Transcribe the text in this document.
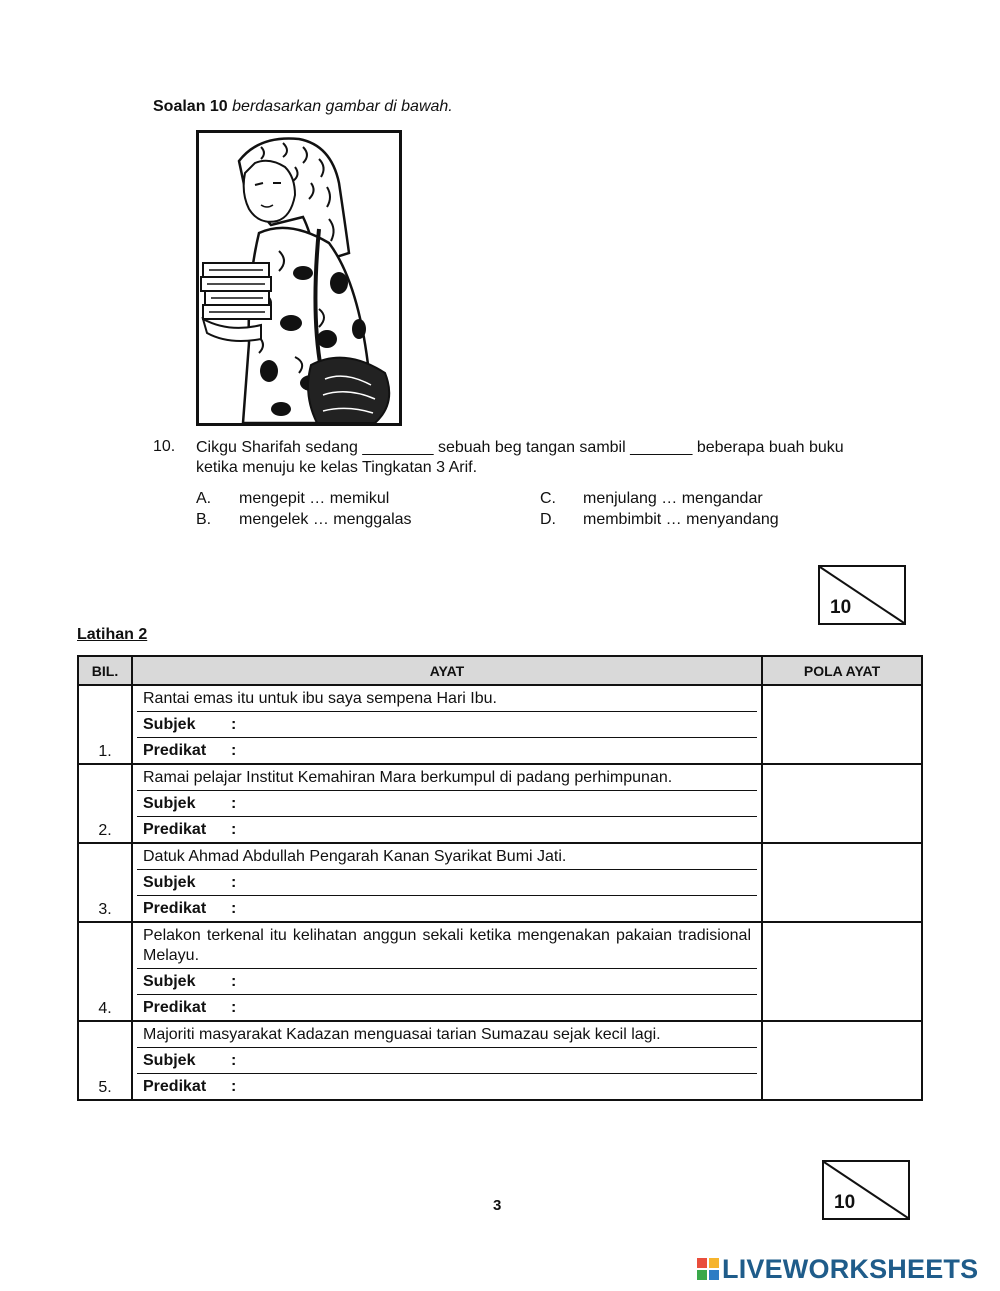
Soalan 10 berdasarkan gambar di bawah.
10. Cikgu Sharifah sedang ________ sebuah beg tangan sambil _______ beberapa buah buku ketika menuju ke kelas Tingkatan 3 Arif.
A. mengepit … memikul
B. mengelek … menggalas
C. menjulang … mengandar
D. membimbit … menyandang
10
Latihan 2
BIL.	AYAT	POLA AYAT

1.	Rantai emas itu untuk ibu saya sempena Hari Ibu.
Subjek :
Predikat :	

2.	Ramai pelajar Institut Kemahiran Mara berkumpul di padang perhimpunan.
Subjek :
Predikat :	

3.	Datuk Ahmad Abdullah Pengarah Kanan Syarikat Bumi Jati.
Subjek :
Predikat :	

4.	Pelakon terkenal itu kelihatan anggun sekali ketika mengenakan pakaian tradisional Melayu.
Subjek :
Predikat :	

5.	Majoriti masyarakat Kadazan menguasai tarian Sumazau sejak kecil lagi.
Subjek :
Predikat :	

3	10
LIVEWORKSHEETS
